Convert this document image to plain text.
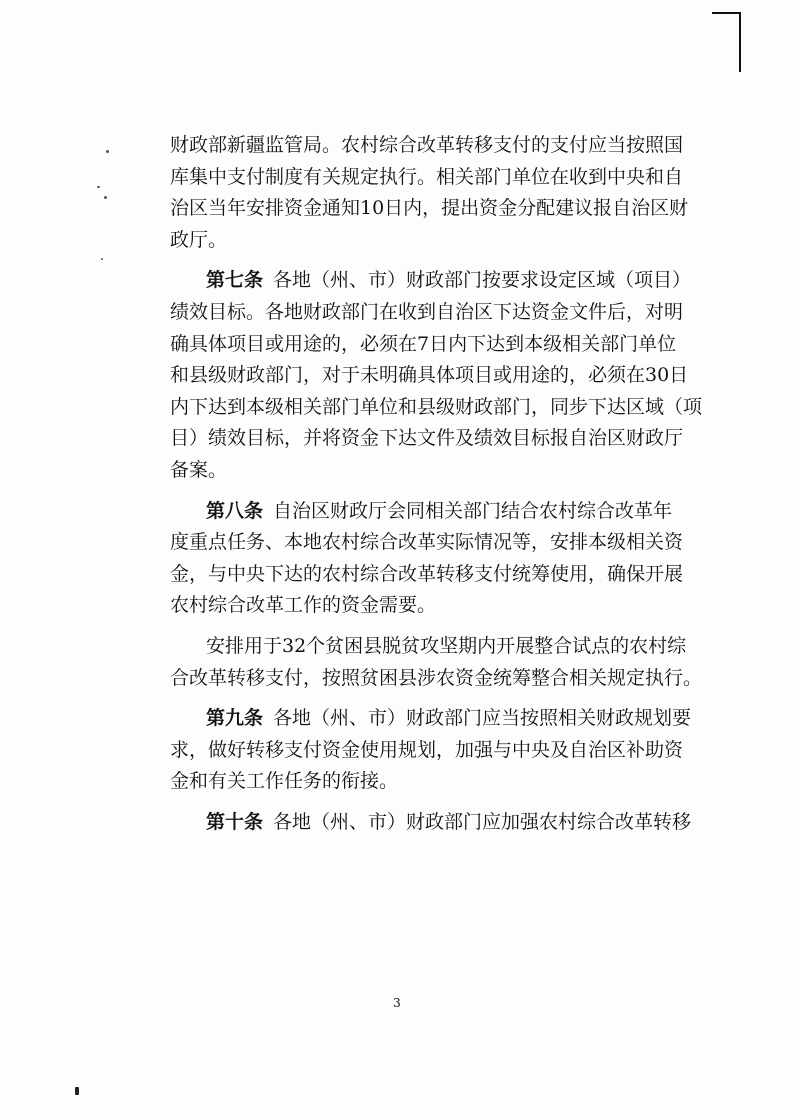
财政部新疆监管局。农村综合改革转移支付的支付应当按照国
库集中支付制度有关规定执行。相关部门单位在收到中央和自
治区当年安排资金通知10日内，提出资金分配建议报自治区财
政厅。
第七条 各地（州、市）财政部门按要求设定区域（项目）
绩效目标。各地财政部门在收到自治区下达资金文件后，对明
确具体项目或用途的，必须在7日内下达到本级相关部门单位
和县级财政部门，对于未明确具体项目或用途的，必须在30日
内下达到本级相关部门单位和县级财政部门，同步下达区域（项
目）绩效目标，并将资金下达文件及绩效目标报自治区财政厅
备案。
第八条 自治区财政厅会同相关部门结合农村综合改革年
度重点任务、本地农村综合改革实际情况等，安排本级相关资
金，与中央下达的农村综合改革转移支付统筹使用，确保开展
农村综合改革工作的资金需要。
安排用于32个贫困县脱贫攻坚期内开展整合试点的农村综
合改革转移支付，按照贫困县涉农资金统筹整合相关规定执行。
第九条 各地（州、市）财政部门应当按照相关财政规划要
求，做好转移支付资金使用规划，加强与中央及自治区补助资
金和有关工作任务的衔接。
第十条 各地（州、市）财政部门应加强农村综合改革转移
3
